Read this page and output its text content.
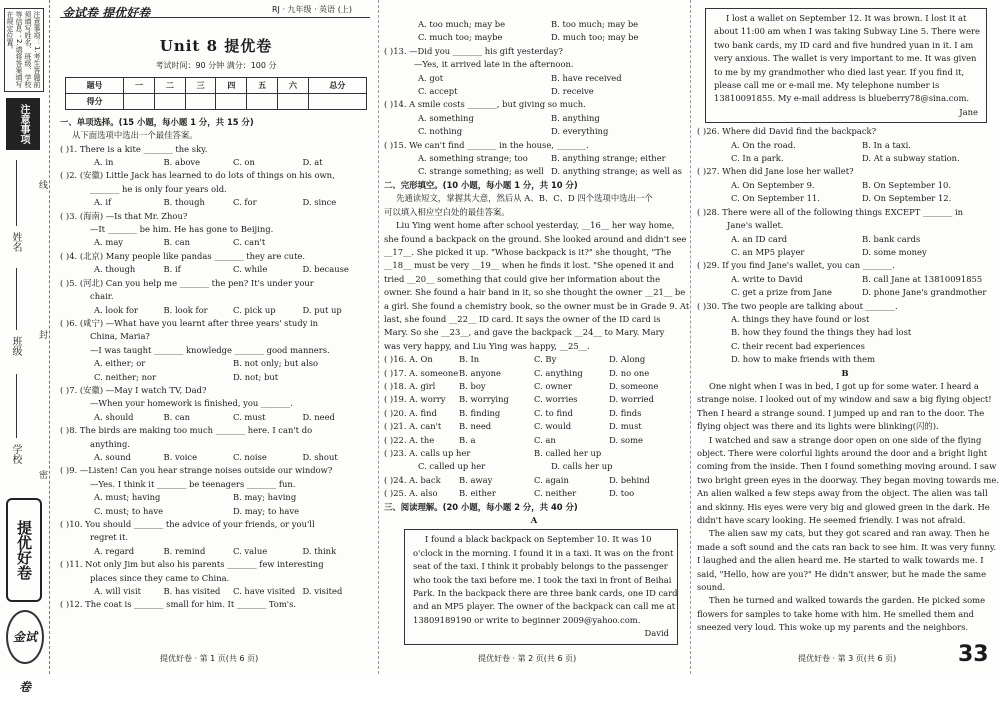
注意事项：1.考生答题前须填写姓名、班级、学校等信息；2.请将答案填写在规定位置。
注意事项
姓名
班级
学校
线
封
密
提优好卷
金试卷
金试卷 提优好卷	RJ · 九年级 · 英语 (上)
Unit 8 提优卷
考试时间：90 分钟 满分：100 分
题号	一	二	三	四	五	六	总分
得分							
一、单项选择。(15 小题，每小题 1 分，共 15 分)
从下面选项中选出一个最佳答案。
( )1. There is a kite _______ the sky.
A. in	B. above	C. on	D. at
( )2. (安徽) Little Jack has learned to do lots of things on his own,
_______ he is only four years old.
A. if	B. though	C. for	D. since
( )3. (海南) —Is that Mr. Zhou?
—It _______ be him. He has gone to Beijing.
A. may	B. can	C. can't
( )4. (北京) Many people like pandas _______ they are cute.
A. though	B. if	C. while	D. because
( )5. (河北) Can you help me _______ the pen? It's under your
chair.
A. look for	B. look for	C. pick up	D. put up
( )6. (咸宁) —What have you learnt after three years' study in
China, Maria?
—I was taught _______ knowledge _______ good manners.
A. either; or	B. not only; but also
C. neither; nor	D. not; but
( )7. (安徽) —May I watch TV, Dad?
—When your homework is finished, you _______.
A. should	B. can	C. must	D. need
( )8. The birds are making too much _______ here. I can't do
anything.
A. sound	B. voice	C. noise	D. shout
( )9. —Listen! Can you hear strange noises outside our window?
—Yes. I think it _______ be teenagers _______ fun.
A. must; having	B. may; having
C. must; to have	D. may; to have
( )10. You should _______ the advice of your friends, or you'll
regret it.
A. regard	B. remind	C. value	D. think
( )11. Not only Jim but also his parents _______ few interesting
places since they came to China.
A. will visit	B. has visited	C. have visited D. visited
( )12. The coat is _______ small for him. It _______ Tom's.
提优好卷 · 第 1 页(共 6 页)
A. too much; may be	B. too much; may be
C. much too; maybe	D. much too; may be
( )13. —Did you _______ his gift yesterday?
—Yes, it arrived late in the afternoon.
A. got	B. have received
C. accept	D. receive
( )14. A smile costs _______, but giving so much.
A. something	B. anything
C. nothing	D. everything
( )15. We can't find _______ in the house, _______.
A. something strange; too	B. anything strange; either
C. strange something; as well D. anything strange; as well as
二、完形填空。(10 小题，每小题 1 分，共 10 分)
先通读短文，掌握其大意，然后从 A、B、C、D 四个选项中选出一个
可以填入相应空白处的最佳答案。
Liu Ying went home after school yesterday, __16__ her way home,
she found a backpack on the ground. She looked around and didn't see
__17__. She picked it up. "Whose backpack is it?" she thought, "The
__18__ must be very __19__ when he finds it lost. "She opened it and
tried __20__ something that could give her information about the
owner. She found a hair band in it, so she thought the owner __21__ be
a girl. She found a chemistry book, so the owner must be in Grade 9. At
last, she found __22__ ID card. It says the owner of the ID card is
Mary. So she __23__, and gave the backpack __24__ to Mary. Mary
was very happy, and Liu Ying was happy, __25__.
( )16. A. On	B. In	C. By	D. Along
( )17. A. someone B. anyone	C. anything	D. no one
( )18. A. girl	B. boy	C. owner	D. someone
( )19. A. worry	B. worrying	C. worries	D. worried
( )20. A. find	B. finding	C. to find	D. finds
( )21. A. can't	B. need	C. would	D. must
( )22. A. the	B. a	C. an	D. some
( )23. A. calls up her	B. called her up
C. called up her	D. calls her up
( )24. A. back	B. away	C. again	D. behind
( )25. A. also	B. either	C. neither	D. too
三、阅读理解。(20 小题，每小题 2 分，共 40 分)
A
I found a black backpack on September 10. It was 10
o'clock in the morning. I found it in a taxi. It was on the front
seat of the taxi. I think it probably belongs to the passenger
who took the taxi before me. I took the taxi in front of Beihai
Park. In the backpack there are three bank cards, one ID card
and an MP5 player. The owner of the backpack can call me at
13809189190 or write to beginner 2009@yahoo.com.
David
提优好卷 · 第 2 页(共 6 页)
I lost a wallet on September 12. It was brown. I lost it at
about 11:00 am when I was taking Subway Line 5. There were
two bank cards, my ID card and five hundred yuan in it. I am
very anxious. The wallet is very important to me. It was given
to me by my grandmother who died last year. If you find it,
please call me or e-mail me. My telephone number is
13810091855. My e-mail address is blueberry78@sina.com.
Jane
( )26. Where did David find the backpack?
A. On the road.	B. In a taxi.
C. In a park.	D. At a subway station.
( )27. When did Jane lose her wallet?
A. On September 9.	B. On September 10.
C. On September 11.	D. On September 12.
( )28. There were all of the following things EXCEPT _______ in
Jane's wallet.
A. an ID card	B. bank cards
C. an MP5 player	D. some money
( )29. If you find Jane's wallet, you can _______.
A. write to David	B. call Jane at 13810091855
C. get a prize from Jane	D. phone Jane's grandmother
( )30. The two people are talking about _______.
A. things they have found or lost
B. how they found the things they had lost
C. their recent bad experiences
D. how to make friends with them
B
One night when I was in bed, I got up for some water. I heard a
strange noise. I looked out of my window and saw a big flying object!
Then I heard a strange sound. I jumped up and ran to the door. The
flying object was there and its lights were blinking(闪的).
I watched and saw a strange door open on one side of the flying
object. There were colorful lights around the door and a bright light
coming from the inside. Then I found something moving around. I saw
two bright green eyes in the doorway. They began moving towards me.
An alien walked a few steps away from the object. The alien was tall
and skinny. His eyes were very big and glowed green in the dark. He
didn't have scary looking. He seemed friendly. I was not afraid.
The alien saw my cats, but they got scared and ran away. Then he
made a soft sound and the cats ran back to see him. It was very funny.
I laughed and the alien heard me. He started to walk towards me. I
said, "Hello, how are you?" He didn't answer, but he made the same
sound.
Then he turned and walked towards the garden. He picked some
flowers for samples to take home with him. He smelled them and
sneezed very loud. This woke up my parents and the neighbors.
提优好卷 · 第 3 页(共 6 页)	33
